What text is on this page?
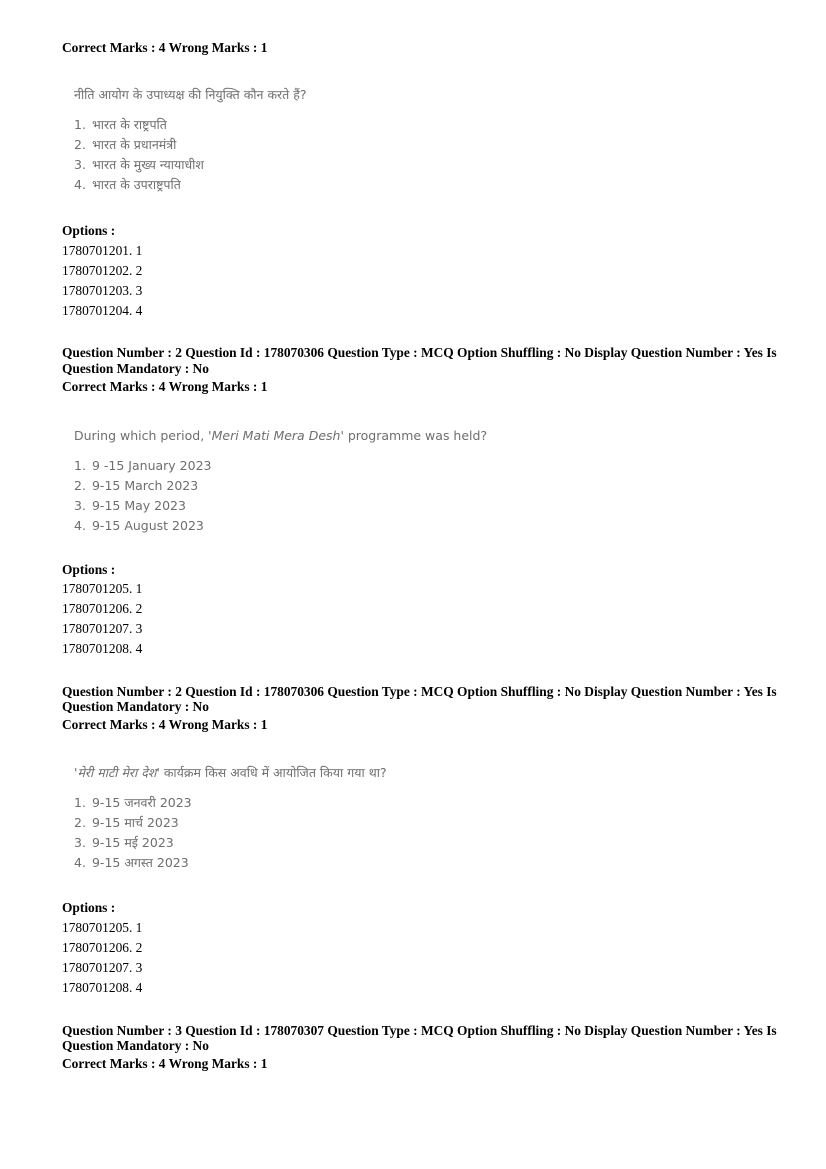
Correct Marks : 4 Wrong Marks : 1

नीति आयोग के उपाध्यक्ष की नियुक्ति कौन करते हैं?

1. भारत के राष्ट्रपति

2. भारत के प्रधानमंत्री

3. भारत के मुख्य न्यायाधीश

4. भारत के उपराष्ट्रपति

Options :

1780701201. 1

1780701202. 2

1780701203. 3

1780701204. 4

Question Number : 2 Question Id : 178070306 Question Type : MCQ Option Shuffling : No Display Question Number : Yes Is

Question Mandatory : No

Correct Marks : 4 Wrong Marks : 1

During which period, 'Meri Mati Mera Desh' programme was held?

1. 9 -15 January 2023

2. 9-15 March 2023

3. 9-15 May 2023

4. 9-15 August 2023

Options :

1780701205. 1

1780701206. 2

1780701207. 3

1780701208. 4

Question Number : 2 Question Id : 178070306 Question Type : MCQ Option Shuffling : No Display Question Number : Yes Is

Question Mandatory : No

Correct Marks : 4 Wrong Marks : 1

'मेरी माटी मेरा देश' कार्यक्रम किस अवधि में आयोजित किया गया था?

1. 9-15 जनवरी 2023

2. 9-15 मार्च 2023

3. 9-15 मई 2023

4. 9-15 अगस्त 2023

Options :

1780701205. 1

1780701206. 2

1780701207. 3

1780701208. 4

Question Number : 3 Question Id : 178070307 Question Type : MCQ Option Shuffling : No Display Question Number : Yes Is

Question Mandatory : No

Correct Marks : 4 Wrong Marks : 1
